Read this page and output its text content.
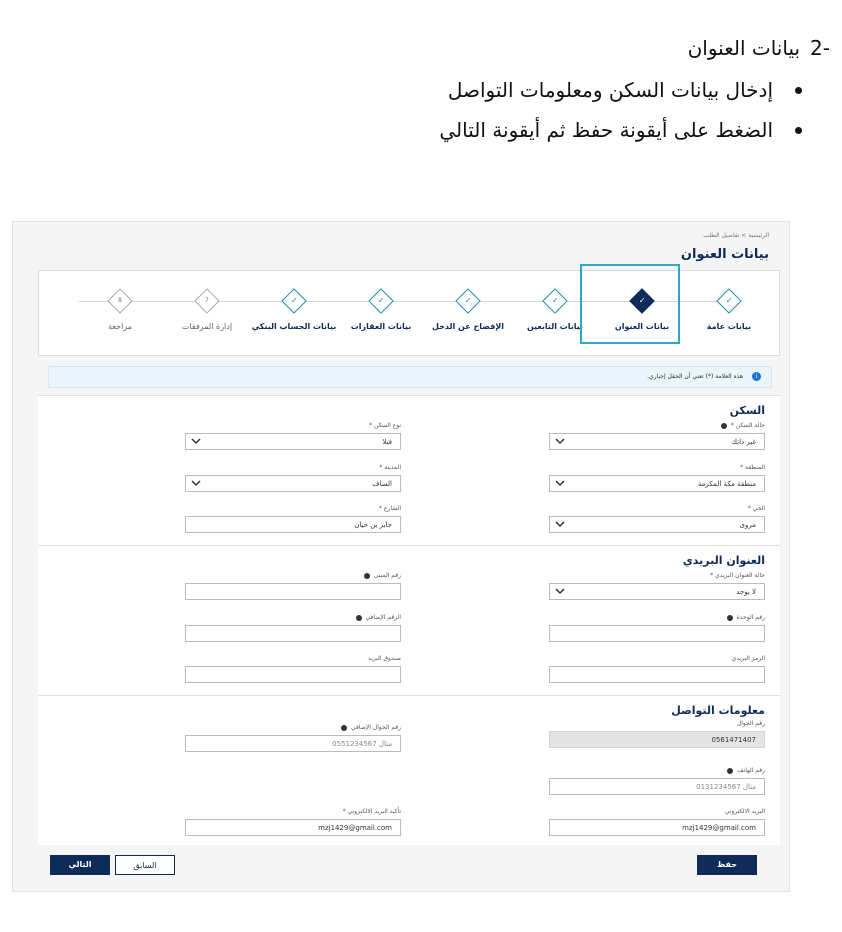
-2
بيانات العنوان
إدخال بيانات السكن ومعلومات التواصل
الضغط على أيقونة حفظ ثم أيقونة التالي
الرئيسية > تفاصيل الطلب
بيانات العنوان
✓
بيانات عامة
✓
بيانات العنوان
✓
بيانات التابعين
✓
الإفصاح عن الدخل
✓
بيانات العقارات
✓
بيانات الحساب البنكي
7
إدارة المرفقات
8
مراجعة
i
هذه العلامة (*) تعني أن الحقل إجباري.
السكن
حالة السكن *
غير ذاتك
نوع السكن *
فيلا
المنطقة *
منطقة مكة المكرمة
المدينة *
الساف
الحي *
مروى
الشارع *
جابر بن حيان
العنوان البريدي
حالة العنوان البريدي *
لا يوجد
رقم المبنى
رقم الوحدة
الرقم الإضافي
الرمز البريدي
صندوق البريد
معلومات التواصل
رقم الجوال
0561471407
رقم الجوال الإضافي
مثال 0551234567
رقم الهاتف
مثال 0131234567
البريد الالكتروني
mzj1429@gmail.com
تأكيد البريد الالكتروني *
mzj1429@gmail.com
حفظ
السابق
التالي
